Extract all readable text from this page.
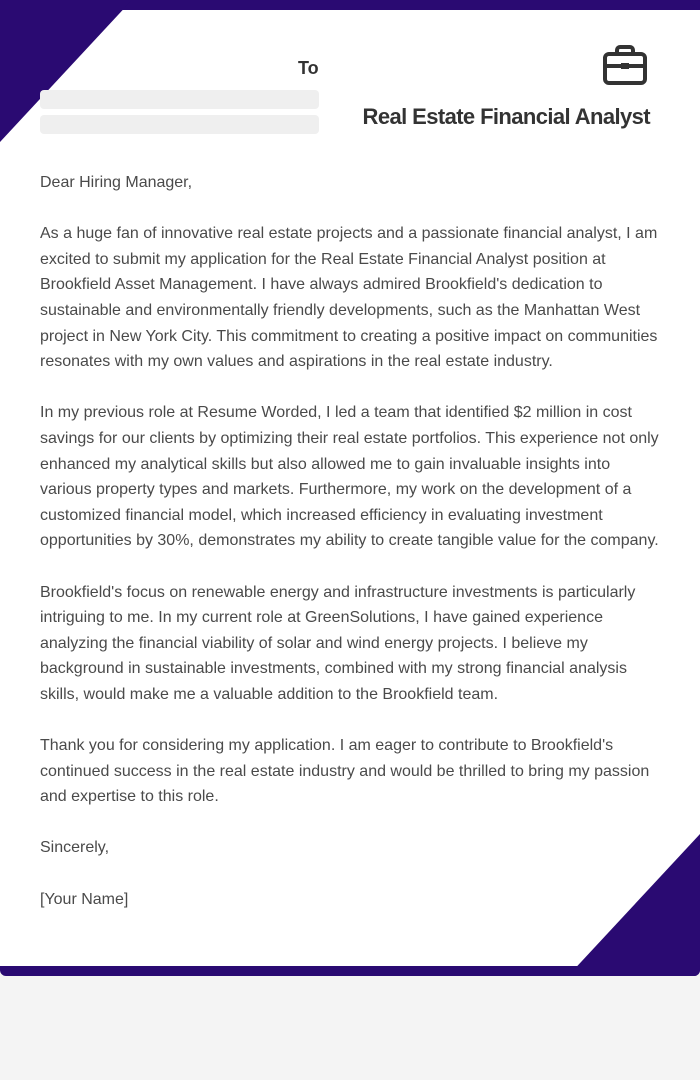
To
Real Estate Financial Analyst

Dear Hiring Manager,

As a huge fan of innovative real estate projects and a passionate financial analyst, I am excited to submit my application for the Real Estate Financial Analyst position at Brookfield Asset Management. I have always admired Brookfield's dedication to sustainable and environmentally friendly developments, such as the Manhattan West project in New York City. This commitment to creating a positive impact on communities resonates with my own values and aspirations in the real estate industry.

In my previous role at Resume Worded, I led a team that identified $2 million in cost savings for our clients by optimizing their real estate portfolios. This experience not only enhanced my analytical skills but also allowed me to gain invaluable insights into various property types and markets. Furthermore, my work on the development of a customized financial model, which increased efficiency in evaluating investment opportunities by 30%, demonstrates my ability to create tangible value for the company.

Brookfield's focus on renewable energy and infrastructure investments is particularly intriguing to me. In my current role at GreenSolutions, I have gained experience analyzing the financial viability of solar and wind energy projects. I believe my background in sustainable investments, combined with my strong financial analysis skills, would make me a valuable addition to the Brookfield team.

Thank you for considering my application. I am eager to contribute to Brookfield's continued success in the real estate industry and would be thrilled to bring my passion and expertise to this role.

Sincerely,

[Your Name]
